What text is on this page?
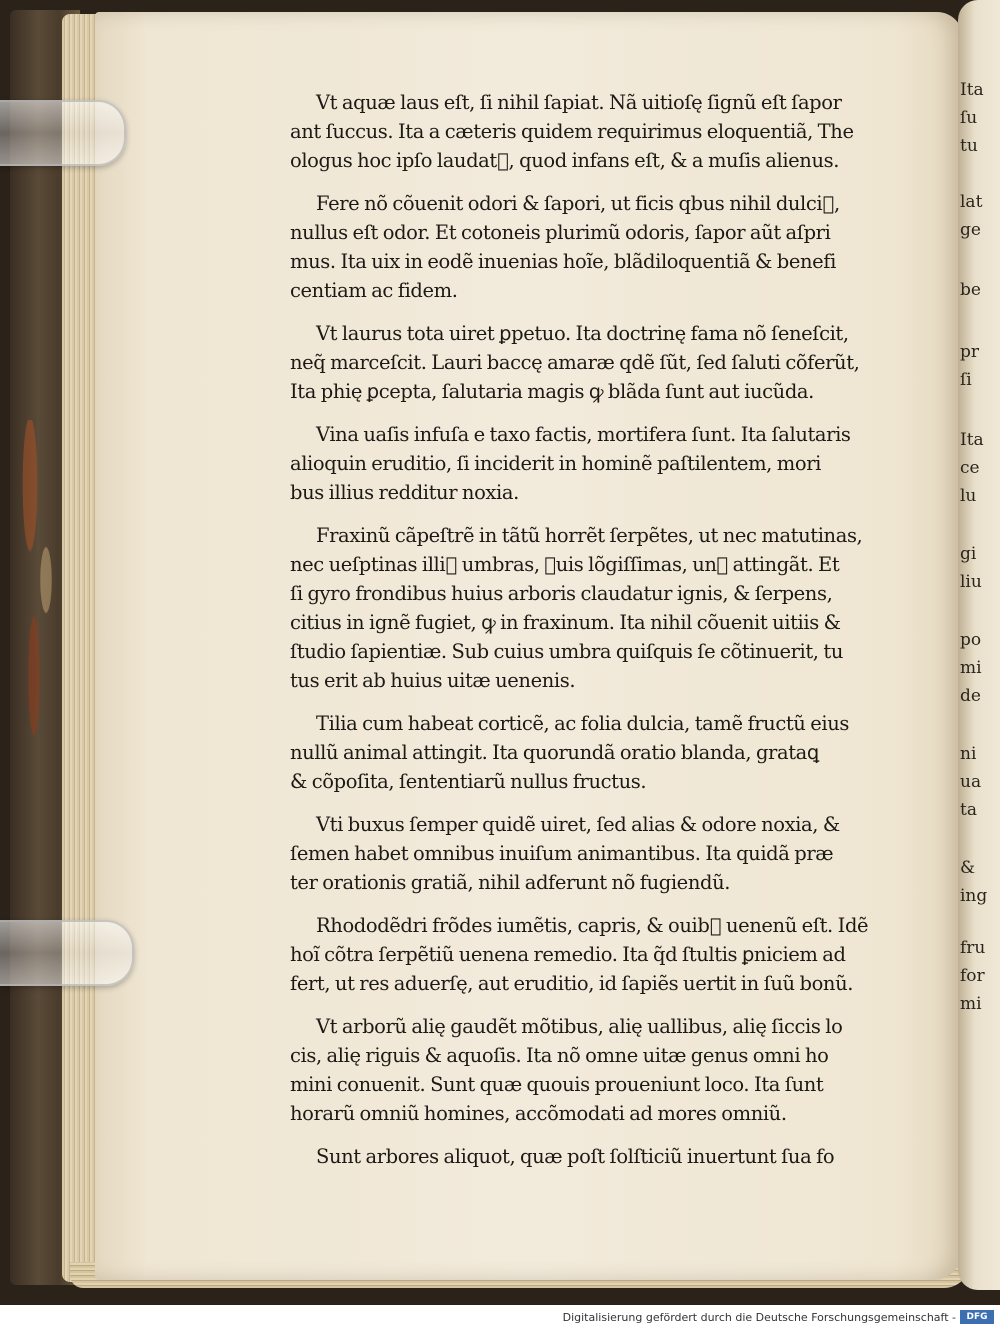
Ita
ſu
tu
lat
ge
be
pr
ſi
Ita
ce
lu
gi
liu
po
mi
de
ni
ua
ta
&
ing
fru
for
mi
Vt aquæ laus eſt, ſi nihil ſapiat. Nã uitioſę ſignũ eſt ſapor
ant ſuccus. Ita a cæteris quidem requirimus eloquentiã, The
ologus hoc ipſo laudat᷑, quod infans eſt, & a muſis alienus.
Fere nõ cõuenit odori & ſapori, ut ficis qbus nihil dulci᷒,
nullus eſt odor. Et cotoneis plurimũ odoris, ſapor aũt aſpri
mus. Ita uix in eodẽ inuenias hoĩe, blãdiloquentiã & benefi
centiam ac fidem.
Vt laurus tota uiret ꝑpetuo. Ita doctrinę fama nõ ſeneſcit,
neq̃ marceſcit. Lauri baccę amaræ qdẽ ſũt, ſed ſaluti cõferũt,
Ita phię ꝑcepta, ſalutaria magis ꝙ blãda ſunt aut iucũda.
Vina uaſis infuſa e taxo factis, mortifera ſunt. Ita ſalutaris
alioquin eruditio, ſi inciderit in hominẽ paſtilentem, mori
bus illius redditur noxia.
Fraxinũ cãpeſtrẽ in tãtũ horrẽt ſerpẽtes, ut nec matutinas,
nec ueſptinas illi᷒ umbras, ꝙuis lõgiſſimas, unꝙ attingãt. Et
ſi gyro frondibus huius arboris claudatur ignis, & ſerpens,
citius in ignẽ fugiet, ꝙ in fraxinum. Ita nihil cõuenit uitiis &
ſtudio ſapientiæ. Sub cuius umbra quiſquis ſe cõtinuerit, tu
tus erit ab huius uitæ uenenis.
Tilia cum habeat corticẽ, ac folia dulcia, tamẽ fructũ eius
nullũ animal attingit. Ita quorundã oratio blanda, grataꝗ
& cõpoſita, ſententiarũ nullus fructus.
Vti buxus ſemper quidẽ uiret, ſed alias & odore noxia, &
ſemen habet omnibus inuiſum animantibus. Ita quidã præ
ter orationis gratiã, nihil adferunt nõ fugiendũ.
Rhododẽdri frõdes iumẽtis, capris, & ouib᷒ uenenũ eſt. Idẽ
hoĩ cõtra ſerpẽtiũ uenena remedio. Ita q̃d ſtultis ꝑniciem ad
fert, ut res aduerſę, aut eruditio, id ſapiẽs uertit in ſuũ bonũ.
Vt arborũ alię gaudẽt mõtibus, alię uallibus, alię ſiccis lo
cis, alię riguis & aquoſis. Ita nõ omne uitæ genus omni ho
mini conuenit. Sunt quæ quouis proueniunt loco. Ita ſunt
horarũ omniũ homines, accõmodati ad mores omniũ.
Sunt arbores aliquot, quæ poſt ſolſticiũ inuertunt ſua fo
Digitalisierung gefördert durch die Deutsche Forschungsgemeinschaft -	DFG
